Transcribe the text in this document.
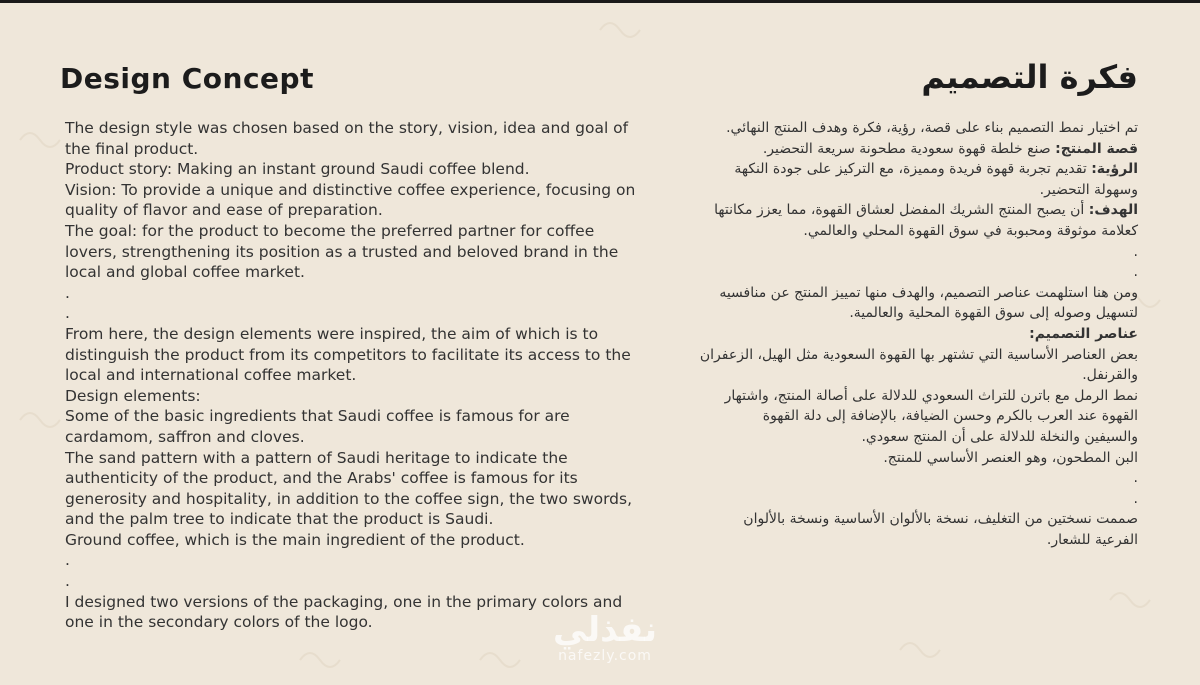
Design Concept	فكرة التصميم
The design style was chosen based on the story, vision, idea and goal of
the final product.
Product story: Making an instant ground Saudi coffee blend.
Vision: To provide a unique and distinctive coffee experience, focusing on
quality of flavor and ease of preparation.
The goal: for the product to become the preferred partner for coffee
lovers, strengthening its position as a trusted and beloved brand in the
local and global coffee market.
.
.
From here, the design elements were inspired, the aim of which is to
distinguish the product from its competitors to facilitate its access to the
local and international coffee market.
Design elements:
Some of the basic ingredients that Saudi coffee is famous for are
cardamom, saffron and cloves.
The sand pattern with a pattern of Saudi heritage to indicate the
authenticity of the product, and the Arabs' coffee is famous for its
generosity and hospitality, in addition to the coffee sign, the two swords,
and the palm tree to indicate that the product is Saudi.
Ground coffee, which is the main ingredient of the product.
.
.
I designed two versions of the packaging, one in the primary colors and
one in the secondary colors of the logo.
تم اختيار نمط التصميم بناء على قصة، رؤية، فكرة وهدف المنتج النهائي.
قصة المنتج: صنع خلطة قهوة سعودية مطحونة سريعة التحضير.
الرؤية: تقديم تجربة قهوة فريدة ومميزة، مع التركيز على جودة النكهة
وسهولة التحضير.
الهدف: أن يصبح المنتج الشريك المفضل لعشاق القهوة، مما يعزز مكانتها
كعلامة موثوقة ومحبوبة في سوق القهوة المحلي والعالمي.
.
.
ومن هنا استلهمت عناصر التصميم، والهدف منها تمييز المنتج عن منافسيه
لتسهيل وصوله إلى سوق القهوة المحلية والعالمية.
عناصر التصميم:
بعض العناصر الأساسية التي تشتهر بها القهوة السعودية مثل الهيل، الزعفران
والقرنفل.
نمط الرمل مع باترن للتراث السعودي للدلالة على أصالة المنتج، واشتهار
القهوة عند العرب بالكرم وحسن الضيافة، بالإضافة إلى دلة القهوة
والسيفين والنخلة للدلالة على أن المنتج سعودي.
البن المطحون، وهو العنصر الأساسي للمنتج.
.
.
صممت نسختين من التغليف، نسخة بالألوان الأساسية ونسخة بالألوان
الفرعية للشعار.
نفذلي
nafezly.com
